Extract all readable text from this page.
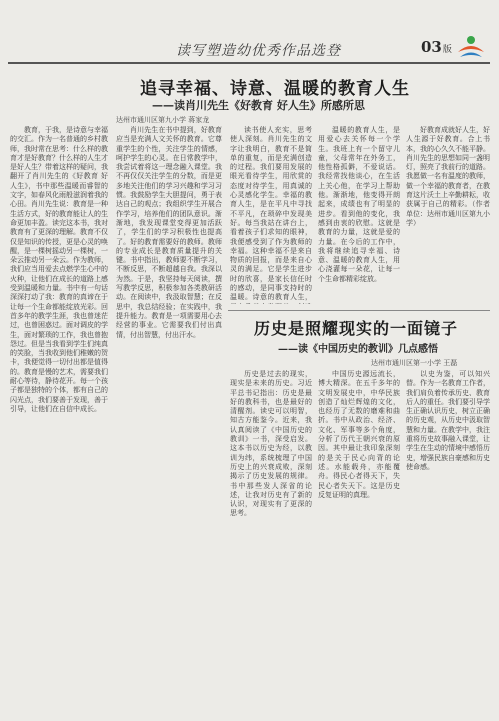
读写塑造幼优秀作品选登	03版
追寻幸福、诗意、温暖的教育人生
——读肖川先生《好教育 好人生》所感所思
达州市通川区第九小学 蒋家龙

教育，于我，是诗意与幸福的交汇。作为一名普通的乡村教师，我时常在思考：什么样的教育才是好教育？什么样的人生才是好人生？带着这样的疑问，我翻开了肖川先生的《好教育 好人生》，书中那些温暖而睿智的文字，如春风化雨般滋润着我的心田。肖川先生说：教育是一种生活方式，好的教育能让人的生命更加丰盈。读完这本书，我对教育有了更深的理解。教育不仅仅是知识的传授，更是心灵的唤醒，是一棵树摇动另一棵树，一朵云推动另一朵云。作为教师，我们应当用爱去点燃学生心中的火种，让他们在成长的道路上感受到温暖和力量。书中有一句话深深打动了我：教育的真谛在于让每一个生命都能绽放光彩。回首多年的教学生涯，我也曾迷茫过，也曾困惑过。面对调皮的学生，面对繁琐的工作，我也曾抱怨过。但是当我看到学生们纯真的笑脸，当我收到他们稚嫩的贺卡，我便觉得一切付出都是值得的。教育是慢的艺术，需要我们耐心等待，静待花开。每一个孩子都是独特的个体，都有自己的闪光点，我们要善于发现，善于引导，让他们在自信中成长。

肖川先生在书中提到，好教育应当是充满人文关怀的教育。它尊重学生的个性，关注学生的情感，呵护学生的心灵。在日常教学中，我尝试着将这一理念融入课堂。我不再仅仅关注学生的分数，而是更多地关注他们的学习兴趣和学习习惯。我鼓励学生大胆提问，勇于表达自己的观点；我组织学生开展合作学习，培养他们的团队意识。渐渐地，我发现课堂变得更加活跃了，学生们的学习积极性也提高了。好的教育需要好的教师。教师的专业成长是教育质量提升的关键。书中指出，教师要不断学习，不断反思，不断超越自我。我深以为然。于是，我坚持每天阅读，撰写教学反思，积极参加各类教研活动。在阅读中，我汲取智慧；在反思中，我总结经验；在实践中，我提升能力。教育是一项需要用心去经营的事业。它需要我们付出真情，付出智慧，付出汗水。

读书使人充实，思考使人深刻。肖川先生的文字让我明白，教育不是简单的重复，而是充满创造的过程。我们要用发展的眼光看待学生，用欣赏的态度对待学生，用真诚的心灵感化学生。幸福的教育人生，是在平凡中寻找不平凡，在琐碎中发现美好。每当我站在讲台上，看着孩子们求知的眼神，我便感受到了作为教师的幸福。这种幸福不是来自物质的回报，而是来自心灵的满足。它是学生进步时的欣喜，是家长信任时的感动，是同事支持时的温暖。诗意的教育人生，

温暖的教育人生，是用爱心去关怀每一个学生。我班上有一个留守儿童，父母常年在外务工，他性格孤僻，不爱说话。我经常找他谈心，在生活上关心他，在学习上帮助他。渐渐地，他变得开朗起来，成绩也有了明显的进步。看到他的变化，我感到由衷的欣慰。这就是教育的力量，这就是爱的力量。在今后的工作中，我将继续追寻幸福、诗意、温暖的教育人生，用心浇灌每一朵花，让每一个生命都精彩绽放。

好教育成就好人生，好人生源于好教育。合上书本，我的心久久不能平静。肖川先生的思想如同一盏明灯，照亮了我前行的道路。我愿做一名有温度的教师，做一个幸福的教育者，在教育这片沃土上辛勤耕耘，收获属于自己的精彩。（作者单位：达州市通川区第九小学）

历史是照耀现实的一面镜子
——读《中国历史的教训》几点感悟
达州市通川区第一小学 王磊

历史是过去的现实，现实是未来的历史。习近平总书记指出：历史是最好的教科书，也是最好的清醒剂。读史可以明智，知古方能鉴今。近来，我认真阅读了《中国历史的教训》一书，深受启发。这本书以历史为经，以教训为纬，系统梳理了中国历史上的兴衰成败，深刻揭示了历史发展的规律。书中那些发人深省的论述，让我对历史有了新的认识，对现实有了更深的思考。

中国历史源远流长，博大精深。在五千多年的文明发展史中，中华民族创造了灿烂辉煌的文化，也经历了无数的磨难和曲折。书中从政治、经济、文化、军事等多个角度，分析了历代王朝兴衰的原因。其中最让我印象深刻的是关于民心向背的论述。水能载舟，亦能覆舟。得民心者得天下，失民心者失天下。这是历史反复证明的真理。

以史为鉴，可以知兴替。作为一名教育工作者，我们肩负着传承历史、教育后人的重任。我们要引导学生正确认识历史，树立正确的历史观，从历史中汲取智慧和力量。在教学中，我注重将历史故事融入课堂，让学生在生动的情境中感悟历史，增强民族自豪感和历史使命感。
